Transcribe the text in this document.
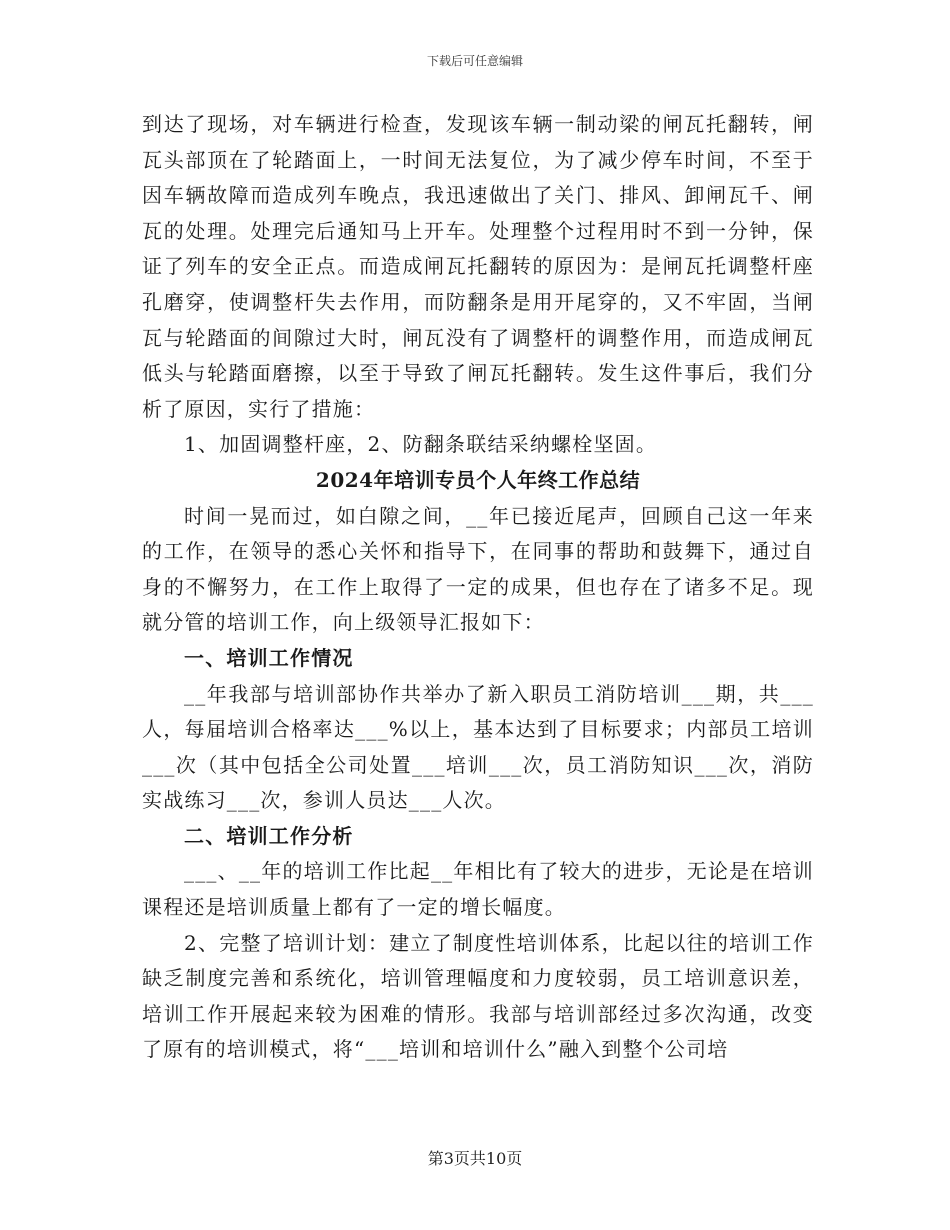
下载后可任意编辑

到达了现场，对车辆进行检查，发现该车辆一制动梁的闸瓦托翻转，闸瓦头部顶在了轮踏面上，一时间无法复位，为了减少停车时间，不至于因车辆故障而造成列车晚点，我迅速做出了关门、排风、卸闸瓦千、闸瓦的处理。处理完后通知马上开车。处理整个过程用时不到一分钟，保证了列车的安全正点。而造成闸瓦托翻转的原因为：是闸瓦托调整杆座孔磨穿，使调整杆失去作用，而防翻条是用开尾穿的，又不牢固，当闸瓦与轮踏面的间隙过大时，闸瓦没有了调整杆的调整作用，而造成闸瓦低头与轮踏面磨擦，以至于导致了闸瓦托翻转。发生这件事后，我们分析了原因，实行了措施：

1、加固调整杆座，2、防翻条联结采纳螺栓坚固。

2024年培训专员个人年终工作总结

时间一晃而过，如白隙之间，__年已接近尾声，回顾自己这一年来的工作，在领导的悉心关怀和指导下，在同事的帮助和鼓舞下，通过自身的不懈努力，在工作上取得了一定的成果，但也存在了诸多不足。现就分管的培训工作，向上级领导汇报如下：

一、培训工作情况

__年我部与培训部协作共举办了新入职员工消防培训___期，共___人，每届培训合格率达___%以上，基本达到了目标要求；内部员工培训___次（其中包括全公司处置___培训___次，员工消防知识___次，消防实战练习___次，参训人员达___人次。

二、培训工作分析

___、__年的培训工作比起__年相比有了较大的进步，无论是在培训课程还是培训质量上都有了一定的增长幅度。

2、完整了培训计划：建立了制度性培训体系，比起以往的培训工作缺乏制度完善和系统化，培训管理幅度和力度较弱，员工培训意识差，培训工作开展起来较为困难的情形。我部与培训部经过多次沟通，改变了原有的培训模式，将“___培训和培训什么”融入到整个公司培

第3页共10页
